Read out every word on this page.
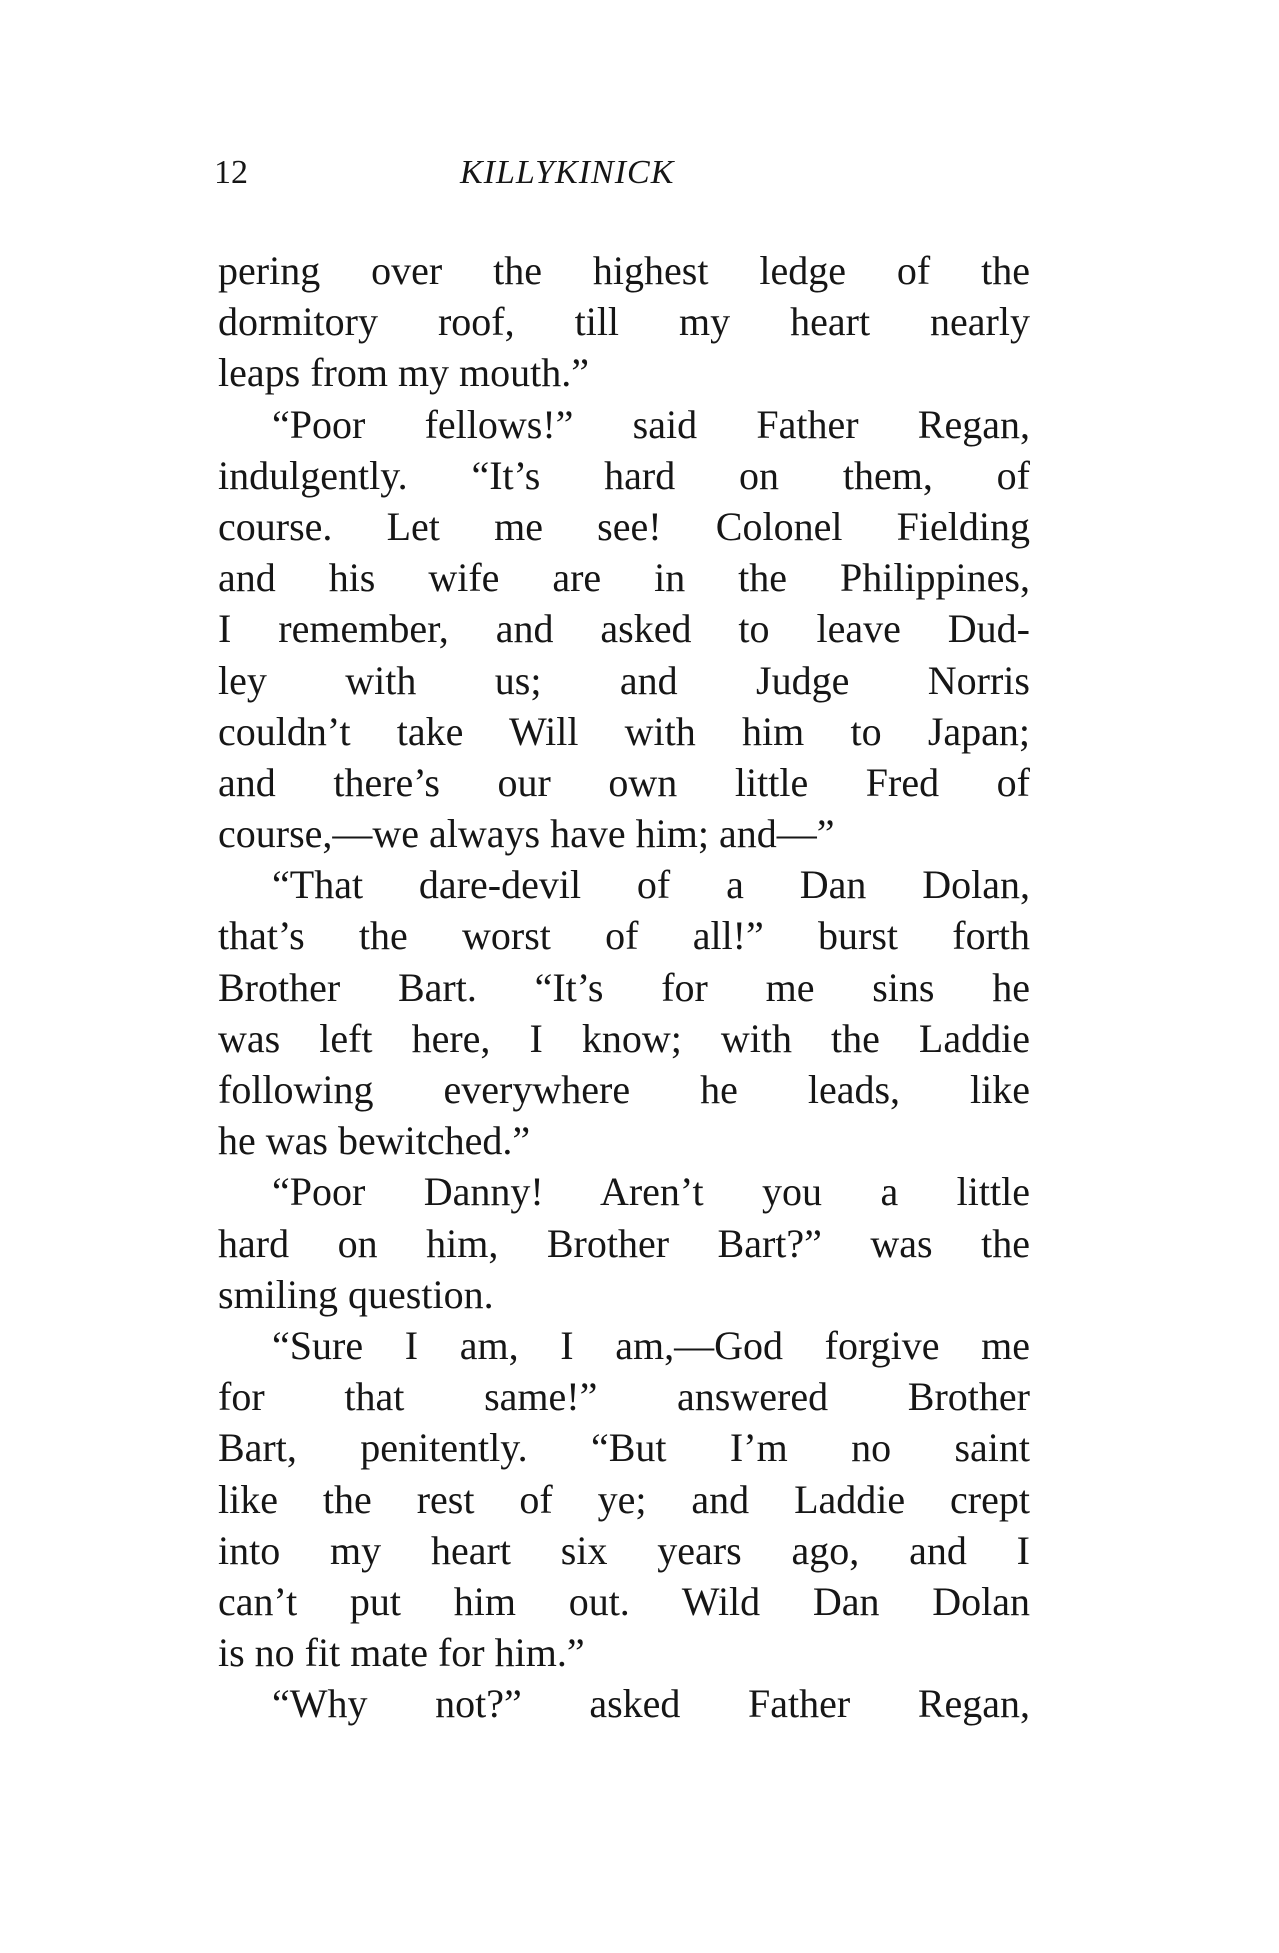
12	KILLYKINICK
pering over the highest ledge of the
dormitory roof, till my heart nearly
leaps from my mouth.”
“Poor fellows!” said Father Regan,
indulgently. “It’s hard on them, of
course. Let me see! Colonel Fielding
and his wife are in the Philippines,
I remember, and asked to leave Dud-
ley with us; and Judge Norris
couldn’t take Will with him to Japan;
and there’s our own little Fred of
course,—we always have him; and—”
“That dare-devil of a Dan Dolan,
that’s the worst of all!” burst forth
Brother Bart. “It’s for me sins he
was left here, I know; with the Laddie
following everywhere he leads, like
he was bewitched.”
“Poor Danny! Aren’t you a little
hard on him, Brother Bart?” was the
smiling question.
“Sure I am, I am,—God forgive me
for that same!” answered Brother
Bart, penitently. “But I’m no saint
like the rest of ye; and Laddie crept
into my heart six years ago, and I
can’t put him out. Wild Dan Dolan
is no fit mate for him.”
“Why not?” asked Father Regan,
